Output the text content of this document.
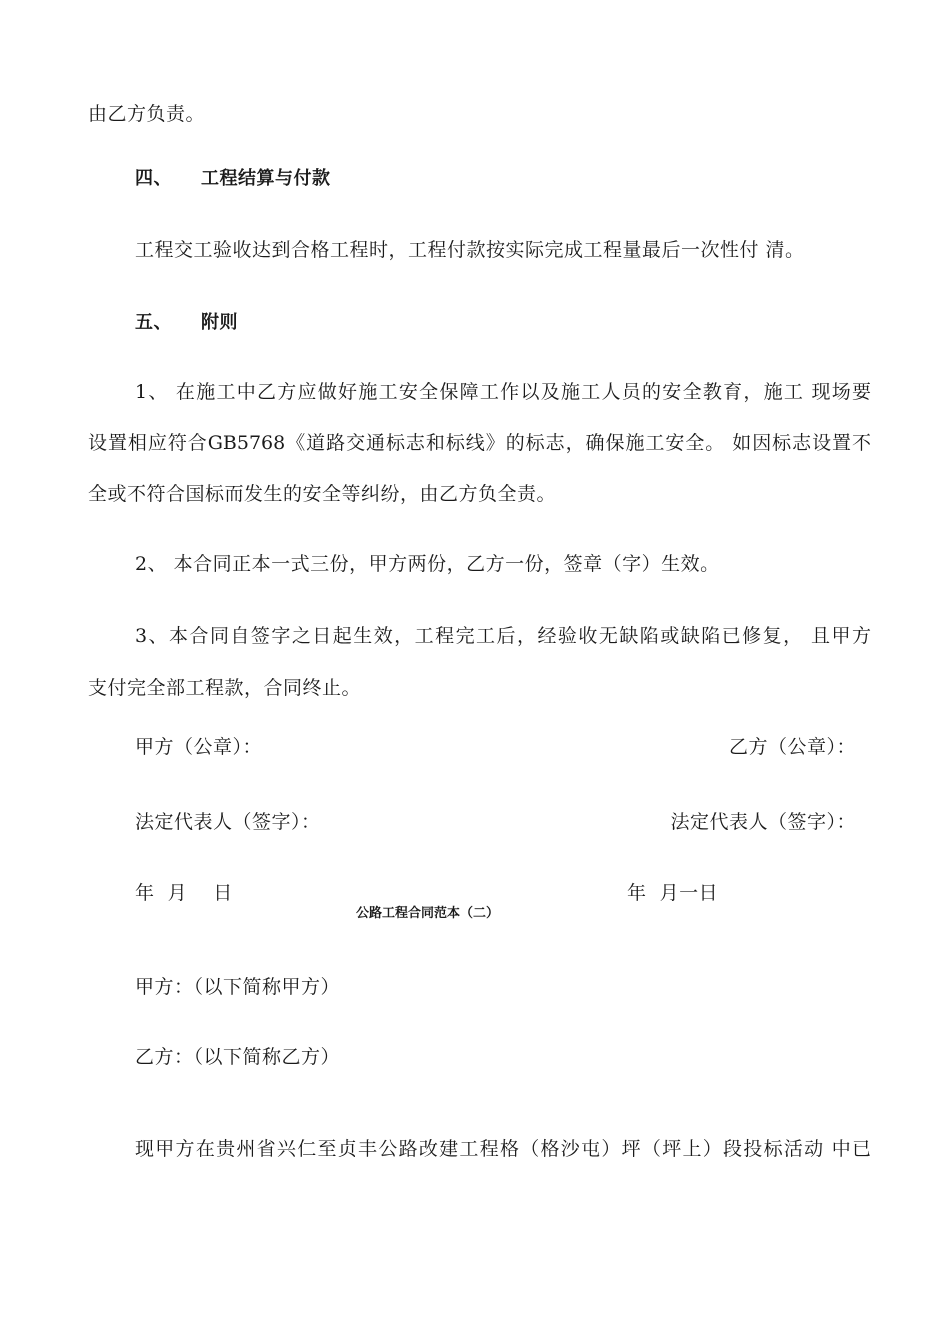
由乙方负责。
四、 工程结算与付款
工程交工验收达到合格工程时，工程付款按实际完成工程量最后一次性付 清。
五、 附则
1、 在施工中乙方应做好施工安全保障工作以及施工人员的安全教育，施工 现场要
设置相应符合GB5768《道路交通标志和标线》的标志，确保施工安全。 如因标志设置不
全或不符合国标而发生的安全等纠纷，由乙方负全责。
2、 本合同正本一式三份，甲方两份，乙方一份，签章（字）生效。
3、本合同自签字之日起生效，工程完工后，经验收无缺陷或缺陷已修复， 且甲方
支付完全部工程款，合同终止。
甲方（公章）：	乙方（公章）：
法定代表人（签字）：	法定代表人（签字）：
年  月    日	年  月一日
公路工程合同范本（二）
甲方：（以下简称甲方）
乙方：（以下简称乙方）
现甲方在贵州省兴仁至贞丰公路改建工程格（格沙屯）坪（坪上）段投标活动 中已
